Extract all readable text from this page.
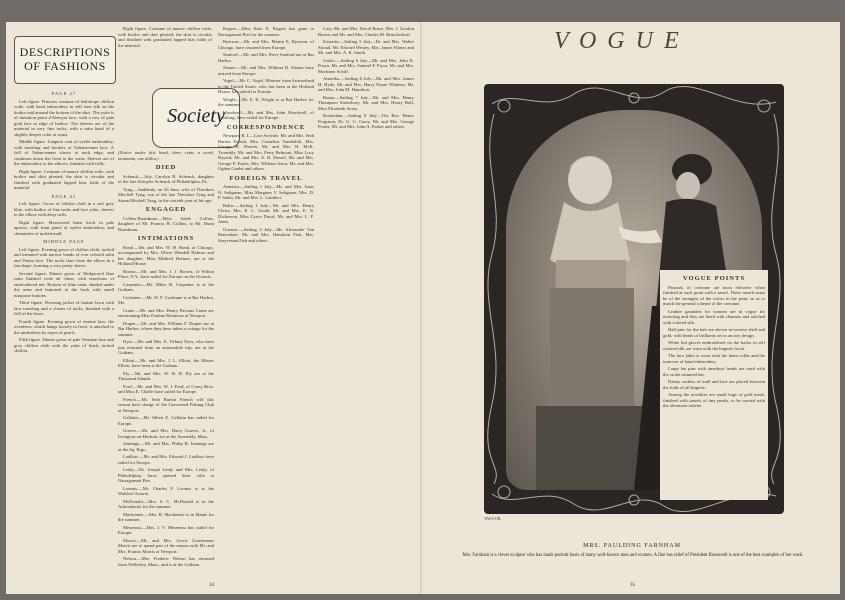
DESCRIPTIONS OF FASHIONS
PAGE 27

Left figure. Princess costume of heliotrope chiffon voile, with head embroidery in self tone silk on the bodice and around the bottom of the skirt. The yoke is of imitation point d'Alençon lace, with a row of pale gold lace at edge of bodice. The sleeves are of the material in very fine tucks, with a satin band of a slightly deeper color at waist.

Middle figure. Lingerie coat of eyelet embroidery, with inserting and borders of Valenciennes lace. A frill of Valenciennes shows at neck edge, and continues down the front to the waist. Sleeves are of the embroidery to the elbows, finished with frills.

Right figure. Costume of mauve chiffon voile, with bodice and skirt pleated; the skirt is circular and finished with graduated lapped bias folds of the material.

PAGE 41

Left figure. Gown of chiffon cloth in a soft grey blue, with bodice of fine tucks and lace yoke, sleeves to the elbow with deep cuffs.

Right figure. Mercerized linen frock in pale apricot, with front panel of eyelet embroidery, and chemisette of tucked mull.

MIDDLE PAGE

Left figure. Evening gown of chiffon cloth, tucked and trimmed with narrow bands of rose colored satin and Venise lace. The tucks flare from the elbow in a fan shape, forming a very pretty sleeve.

Second figure. Dinner gown of Wedgwood blue satin finished voile de chine, with insertions of embroidered net. Bottom of blue satin, shaded under the arms and buttoned in the back with small turquoise buttons.

Third figure. Dressing jacket of batiste lawn with lace inserting and a cluster of tucks, finished with a frill of the lawn.

Fourth figure. Evening gown of ermine lace, the overdress, which hangs loosely in front, is attached to the underdress by ropes of pearls.

Fifth figure. Dinner gown of pale Venetian lace and grey chiffon cloth with the yoke of finely tucked chiffon.

Right figure. Costume of mauve chiffon voile, with bodice and skirt pleated; the skirt is circular and finished with graduated lapped bias folds of the material.

Society

(Notice under this head, three cents a word; minimum, one dollar.)

DIED

Schenck.—July, Carolyn B. Schenck, daughter of the late Schuyler Schenck of Philadelphia, Pa.

Tyng.—Suddenly, on 26 June, wife of Theodore Mitchell Tyng, son of the late Theodore Tyng and Susan Mitchell Tyng, in the sixtieth year of his age.

ENGAGED

Collins-Boardman.—Miss Adele Collins, daughter of Mr. Francis H. Collins, to Mr. Dunn Boardman.

INTIMATIONS

Bond.—Mr. and Mrs. W. H. Bond, of Chicago, accompanied by Mrs. Oliver Wendell Holmes and her daughter, Miss Mildred Holmes, are at the Holland House.

Brown.—Mr. and Mrs. J. J. Brown, of Wilton Place, N.Y., have sailed for Europe on the Oceanic.

Carpenter.—Mr. Miles B. Carpenter is at the Gotham.

Cochrane.—Mr. W. F. Cochrane is at Bar Harbor, Me.

Crane.—Mr. and Mrs. Henry Parsons Crane are entertaining Miss Pauline Robinson at Newport.

Draper.—Mr. and Mrs. William F. Draper are at Bar Harbor, where they have taken a cottage for the summer.

Dyer.—Mr. and Mrs. E. Tiffany Dyer, who have just returned from an automobile trip, are at the Gotham.

Elliott.—Mr. and Mrs. J. L. Elliott, the Misses Elliott, have been at the Gotham.

Ely.—Mr. and Mrs. W. H. H. Ely are at the Thousand Islands.

Ford.—Mr. and Mrs. W. J. Ford, of Corey Bros. and Miss E. Chaffe have sailed for Europe.

French.—Mr. Seth Barton French will this season have charge of the Gravesend Fishing Club at Newport.

Gallatin.—Mr. Albert E. Gallatin has sailed for Europe.

Graves.—Mr. and Mrs. Harry Graves, Jr., of Irvington-on-Hudson, are at the Assembly, Mass.

Jennings.—Mr. and Mrs. Philip B. Jennings are at the Sq. Rigs.

Laidlaw.—Mr. and Mrs. Edward J. Laidlaw have sailed for Europe.

Leidy.—Dr. Joseph Leidy and Mrs. Leidy, of Philadelphia, have opened their villa at Narragansett Pier.

Loomis.—Mr. Charles F. Loomis is at the Waldorf-Astoria.

McDonald.—Mrs. S. C. McDonald is in the Adirondacks for the summer.

Mackenzie.—Mrs. R. Mackenzie is in Maine for the summer.

Mesereau.—Mrs. J. V. Mesereau has sailed for Europe.

Morris.—Mr. and Mrs. Lewis Gouverneur Morris are to spend part of the season with Mr. and Mrs. Francis Morris at Newport.

Nelson.—Mrs. Frederic Nelson has returned from Wellesley, Mass., and is at the Gotham.

Rogers.—Miss Kate E. Rogers has gone to Narragansett Pier for the summer.

Ryerson.—Mr. and Mrs. Martin E. Ryerson, of Chicago, have returned from Europe.

Sanford.—Mr. and Mrs. Perry Sanford are at Bar Harbor.

Sloane.—Mr. and Mrs. William D. Sloane have arrived from Europe.

Vogel.—Mr. C. Vogel, Minister from Switzerland to the United States, who has been at the Holland House, has sailed for Europe.

Wright.—Mr. E. K. Wright is at Bar Harbor for the summer.

Woodwell.—Mr. and Mrs. John Woodwell, of Pittsburg, have sailed for Europe.

CORRESPONDENCE

Newport, R. I.—Lise Arrivals: Mr. and Mrs. Seth Barton French, Mrs. Cornelius Vanderbilt, Mrs. George H. Warren, Mr. and Mrs. H. McK. Twombly, Mr. and Mrs. Perry Belmont, Miss Lucy Bayard, Mr. and Mrs. E. R. Drexel, Mr. and Mrs. George P. Eustis, Mrs. William Astor, Mr. and Mrs. Ogden Goelet and others.

FOREIGN TRAVEL

America.—Sailing 1 July—Mr. and Mrs. Isaac N. Seligman, Miss Margaret V. Seligman, Mrs. D. P. Sabin, Mr. and Mrs. L. Lambert.

Baltic.—Sailing 1 July—Mr. and Mrs. Henry Clews, Mrs. E. L. Gould, Mr. and Mrs. E. N. Dickerson, Miss Grace Duval, Mr. and Mrs. L. F. Jones.

Oceanic.—Sailing 4 July—Mr. Alexander Van Rensselaer, Mr. and Mrs. Hamilton Fish, Mrs. Stuyvesant Fish and others.

Cary, Mr. and Mrs. David Bruce, Mrs. J. Gordon Brown and Mr. and Mrs. Charles M. Brinckerhoff.

Kaiserin.—Sailing 5 July—Dr. and Mrs. Walter Stroud, Mr. Edward Wesley, Mrs. James Winter and Mr. and Mrs. A. K. Smith.

Cedric.—Sailing 6 July—Mr. and Mrs. John K. Pruyn, Mr. and Mrs. Samuel F. Pryor, Mr. and Mrs. Mortimer Schiff.

Amerika.—Sailing 6 July—Mr. and Mrs. James H. Hyde, Mr. and Mrs. Harry Payne Whitney, Mr. and Mrs. John M. Hamilton.

Roma.—Sailing 7 July—Mr. and Mrs. Henry Thompson Stotesbury, Mr. and Mrs. Henry Bull, Miss Elizabeth Avery.

Rotterdam.—Sailing 8 July—The Rev. Henry Ferguson, Dr. G. G. Curry, Mr. and Mrs. George Foster, Mr. and Mrs. John A. Parker and others.

34
VOGUE
TAVS-OR.
MRS. PAULDING FARNHAM
Mrs. Farnham is a clever sculptor who has made portrait busts of many well-known men and women. A fine bas relief of President Roosevelt is one of the best examples of her work.
35
VOGUE POINTS

Parasols of cretonne are most effective when finished at each point with a tassel. These tassels must be of the strongest of the colors in the print, so as to match the general scheme of the cretonne.

Leather gauntlets for women are in vogue for motoring and they are lined with chamois and stitched with colored silk.

Half pins for the hair are shown in tortoise shell and gold, with heads of brilliants set in an airy design.

White kid gloves embroidered on the backs in self colored silk are worn with the lingerie frock.

The lace jabot is worn with the linen collar and the turnover of hand embroidery.

Large hat pins with amethyst heads are used with the violet trimmed hat.

Dainty sachets of mull and lace are placed between the folds of all lingerie.

Among the novelties are small bags of gold mesh, finished with tassels of tiny pearls, to be carried with the afternoon toilette.
